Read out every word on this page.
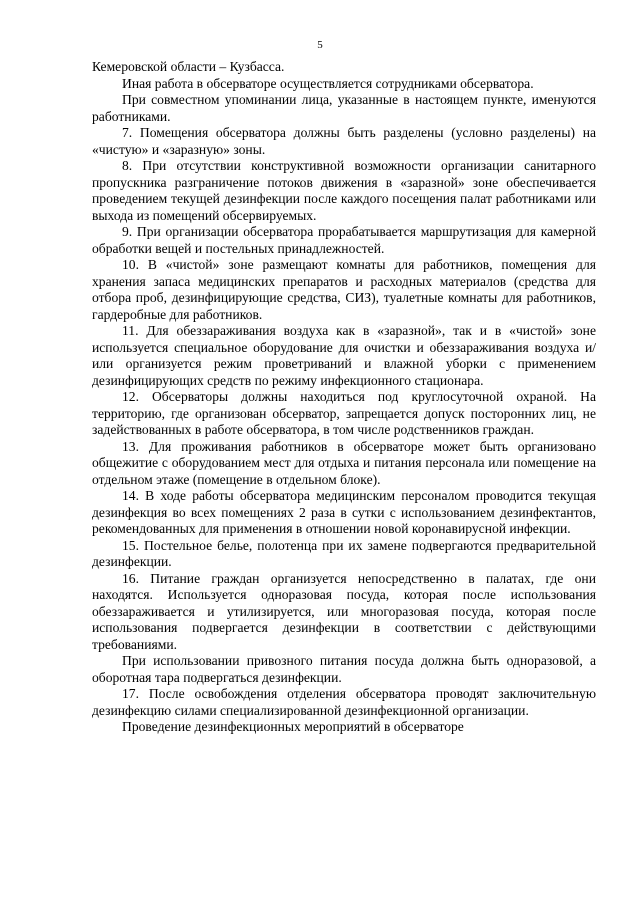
5

Кемеровской области – Кузбасса.

Иная работа в обсерваторе осуществляется сотрудниками обсерватора.

При совместном упоминании лица, указанные в настоящем пункте, именуются работниками.

7. Помещения обсерватора должны быть разделены (условно разделены) на «чистую» и «заразную» зоны.

8. При отсутствии конструктивной возможности организации санитарного пропускника разграничение потоков движения в «заразной» зоне обеспечивается проведением текущей дезинфекции после каждого посещения палат работниками или выхода из помещений обсервируемых.

9. При организации обсерватора прорабатывается маршрутизация для камерной обработки вещей и постельных принадлежностей.

10. В «чистой» зоне размещают комнаты для работников, помещения для хранения запаса медицинских препаратов и расходных материалов (средства для отбора проб, дезинфицирующие средства, СИЗ), туалетные комнаты для работников, гардеробные для работников.

11. Для обеззараживания воздуха как в «заразной», так и в «чистой» зоне используется специальное оборудование для очистки и обеззараживания воздуха и/или организуется режим проветриваний и влажной уборки с применением дезинфицирующих средств по режиму инфекционного стационара.

12. Обсерваторы должны находиться под круглосуточной охраной. На территорию, где организован обсерватор, запрещается допуск посторонних лиц, не задействованных в работе обсерватора, в том числе родственников граждан.

13. Для проживания работников в обсерваторе может быть организовано общежитие с оборудованием мест для отдыха и питания персонала или помещение на отдельном этаже (помещение в отдельном блоке).

14. В ходе работы обсерватора медицинским персоналом проводится текущая дезинфекция во всех помещениях 2 раза в сутки с использованием дезинфектантов, рекомендованных для применения в отношении новой коронавирусной инфекции.

15. Постельное белье, полотенца при их замене подвергаются предварительной дезинфекции.

16. Питание граждан организуется непосредственно в палатах, где они находятся. Используется одноразовая посуда, которая после использования обеззараживается и утилизируется, или многоразовая посуда, которая после использования подвергается дезинфекции в соответствии с действующими требованиями.

При использовании привозного питания посуда должна быть одноразовой, а оборотная тара подвергаться дезинфекции.

17. После освобождения отделения обсерватора проводят заключительную дезинфекцию силами специализированной дезинфекционной организации.

Проведение дезинфекционных мероприятий в обсерваторе
